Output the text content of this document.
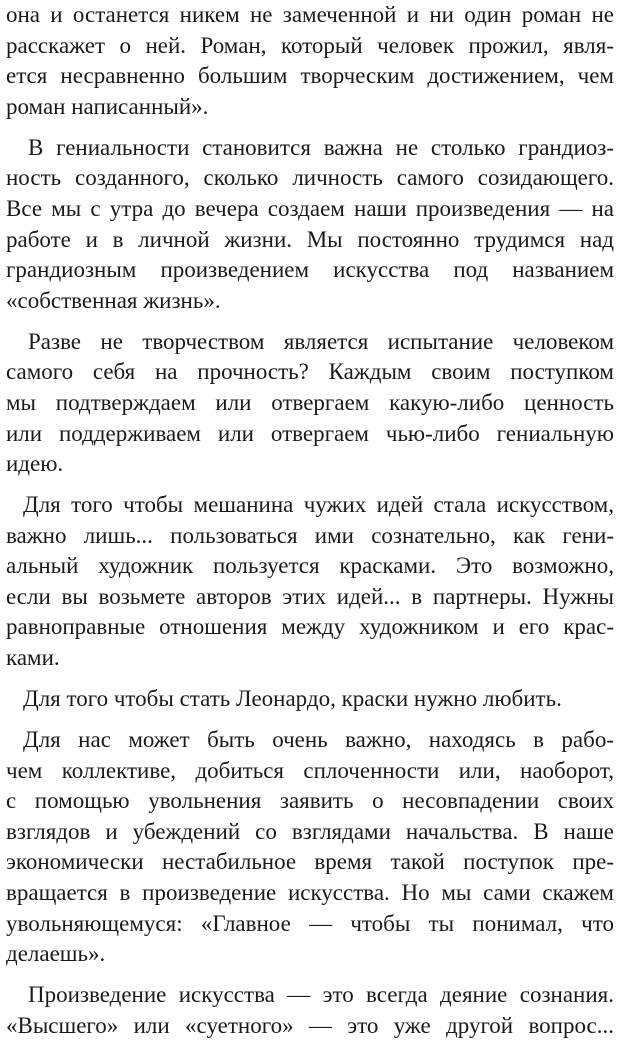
она и останется никем не замеченной и ни один роман не
расскажет о ней. Роман, который человек прожил, явля-
ется несравненно большим творческим достижением, чем
роман написанный».
В гениальности становится важна не столько грандиоз-
ность созданного, сколько личность самого созидающего.
Все мы с утра до вечера создаем наши произведения — на
работе и в личной жизни. Мы постоянно трудимся над
грандиозным произведением искусства под названием
«собственная жизнь».
Разве не творчеством является испытание человеком
самого себя на прочность? Каждым своим поступком
мы подтверждаем или отвергаем какую-либо ценность
или поддерживаем или отвергаем чью-либо гениальную
идею.
Для того чтобы мешанина чужих идей стала искусством,
важно лишь... пользоваться ими сознательно, как гени-
альный художник пользуется красками. Это возможно,
если вы возьмете авторов этих идей... в партнеры. Нужны
равноправные отношения между художником и его крас-
ками.
Для того чтобы стать Леонардо, краски нужно любить.
Для нас может быть очень важно, находясь в рабо-
чем коллективе, добиться сплоченности или, наоборот,
с помощью увольнения заявить о несовпадении своих
взглядов и убеждений со взглядами начальства. В наше
экономически нестабильное время такой поступок пре-
вращается в произведение искусства. Но мы сами скажем
увольняющемуся: «Главное — чтобы ты понимал, что
делаешь».
Произведение искусства — это всегда деяние сознания.
«Высшего» или «суетного» — это уже другой вопрос...
